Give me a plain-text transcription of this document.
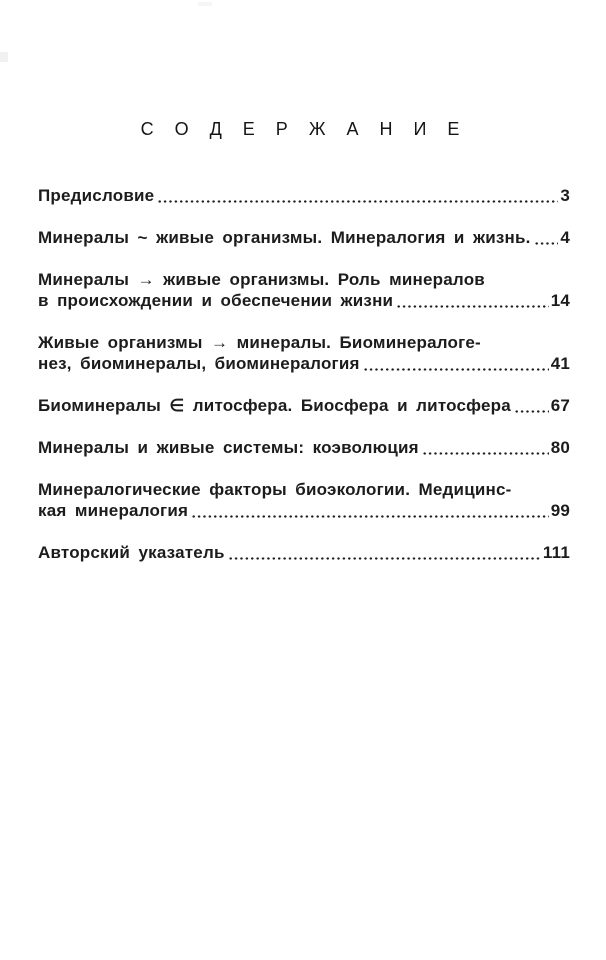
С О Д Е Р Ж А Н И Е
Предисловие	3
Минералы ~ живые организмы. Минералогия и жизнь. 4
Минералы → живые организмы. Роль минералов
в происхождении и обеспечении жизни	14
Живые организмы → минералы. Биоминералоге-
нез, биоминералы, биоминералогия	41
Биоминералы ∈ литосфера. Биосфера и литосфера 67
Минералы и живые системы: коэволюция	80
Минералогические факторы биоэкологии. Медицинс-
кая минералогия	99
Авторский указатель	111
